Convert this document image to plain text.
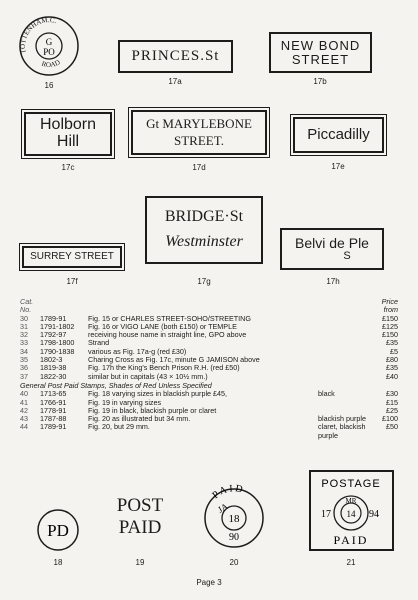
TOTTENHAM.C.
ROAD
G
PO
16
PRINCES.St
17a
NEW BOND
STREET
17b
Holborn
Hill
17c
Gt MARYLEBONE
STREET.
17d
Piccadilly
17e
SURREY STREET
17f
BRIDGE·St
Westminster
17g
Belvi de Ple
S
17h
Cat.	Price
No.	from
30	1789-91	Fig. 15 or CHARLES STREET-SOHO/STREETING	£150
31	1791-1802	Fig. 16 or VIGO LANE (both £150) or TEMPLE	£125
32	1792-97	receiving house name in straight line, GPO above	£150
33	1798-1800	Strand	£35
34	1790-1838	various as Fig. 17a-g (red £30)	£5
35	1802-3	Charing Cross as Fig. 17c, minute G JAMISON above	£80
36	1819-38	Fig. 17h the King's Bench Prison R.H. (red £50)	£35
37	1822-30	similar but in capitals (43 × 10½ mm.)	£40
General Post Paid Stamps, Shades of Red Unless Specified
40	1713-65	Fig. 18 varying sizes in blackish purple £45,	black	£30
41	1766-91	Fig. 19 in varying sizes	£15
42	1778-91	Fig. 19 in black, blackish purple or claret	£25
43	1787-88	Fig. 20 as illustrated but 34 mm.	blackish purple	£100
44	1789-91	Fig. 20, but 29 mm.	claret, blackish	£50
purple
PD
18
POST
PAID
19
PAID
JA
18
90
20
POSTAGE
MR
17 14 94
PAID
21
Page 3
